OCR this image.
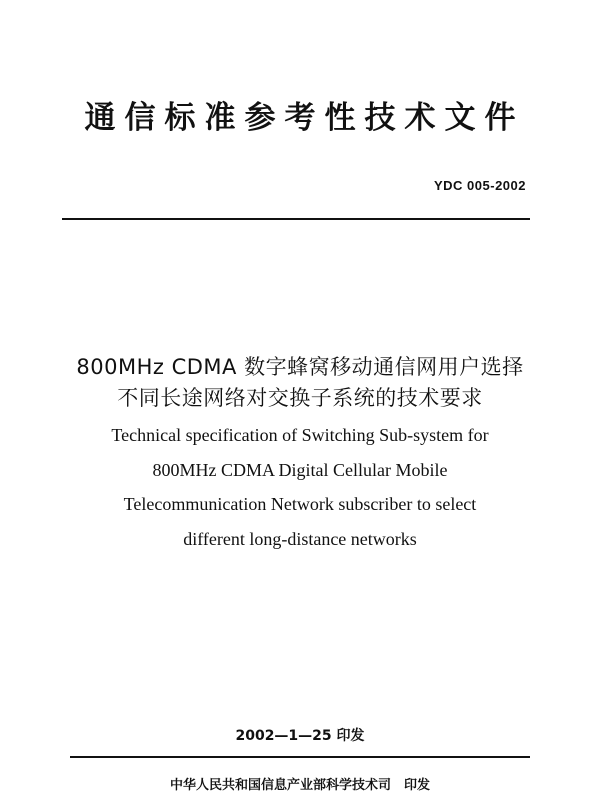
通信标准参考性技术文件
YDC 005-2002
800MHz CDMA 数字蜂窝移动通信网用户选择
不同长途网络对交换子系统的技术要求
Technical specification of Switching Sub-system for
800MHz CDMA Digital Cellular Mobile
Telecommunication Network subscriber to select
different long-distance networks
2002—1—25 印发
中华人民共和国信息产业部科学技术司　印发
